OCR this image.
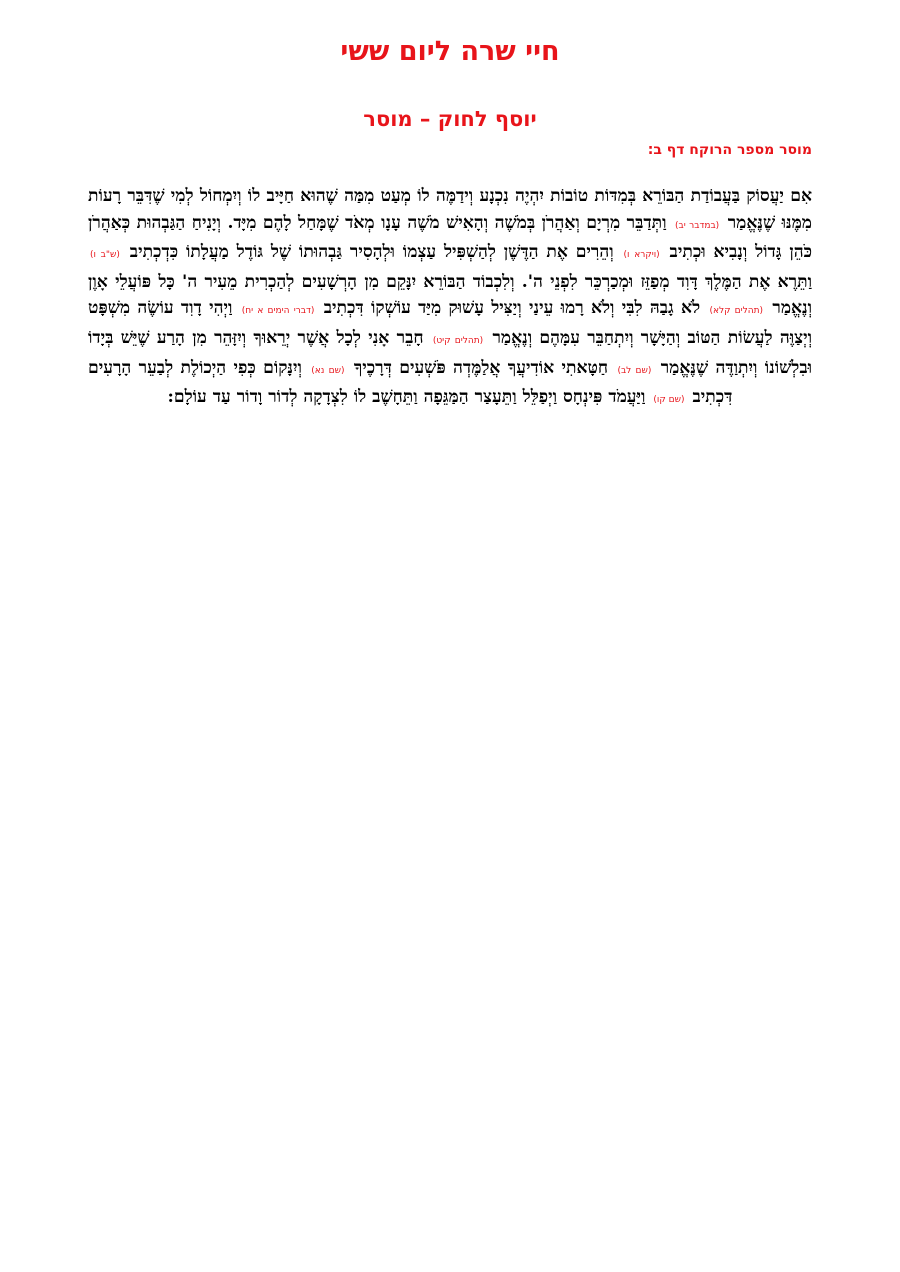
חיי שרה ליום ששי
יוסף לחוק – מוסר
מוסר מספר הרוקח דף ב:

אִם יַעֲסוֹק בַּעֲבוֹדַת הַבּוֹרֵא בְּמִדּוֹת טוֹבוֹת יִהְיֶה נִכְנָע וְידַמֶּה לוֹ מְעַט מִמַּה שֶׁהוּא חַיָּיב לוֹ וְיִמְחוֹל לְמִי שֶׁדִּבֵּר רָעוֹת מִמֶּנּוּ שֶׁנֶּאֱמַר (במדבר יב) וַתְּדַבֵּר מִרְיָם וְאַהֲרֹן בְּמֹשֶׁה וְהָאִישׁ מֹשֶׁה עָנָו מְאֹד שֶׁמָּחַל לָהֶם מִיָּד. וְיָנִיחַ הַגַּבְהוּת כְּאַהֲרֹן כֹּהֵן גָּדוֹל וְנָבִיא וּכְתִיב (ויקרא ו) וְהֵרִים אֶת הַדֶּשֶׁן לְהַשְׁפִּיל עַצְמוֹ וּלְהָסִיר גַּבְהוּתוֹ שֶׁל גּוֹדֶל מַעֲלָתוֹ כִּדְכְתִיב (ש"ב ו) וַתֵּרֶא אֶת הַמֶּלֶךְ דָּוִד מְפַזֵּז וּמְכַרְכֵּר לִפְנֵי ה'. וְלִכְבוֹד הַבּוֹרֵא יִנָּקֵם מִן הָרְשָׁעִים לְהַכְרִית מֵעִיר ה' כָּל פּוֹעֲלֵי אָוֶן וְנֶאֱמַר (תהלים קלא) לֹא גָבַהּ לִבִּי וְלֹא רָמוּ עֵינַי וְיַצִּיל עָשׁוּק מִיַּד עוֹשְׁקוֹ דִּכְתִיב (דברי הימים א יח) וַיְהִי דָוִד עוֹשֶׂה מִשְׁפָּט וְיְצַוֶּה לַעֲשׂוֹת הַטּוֹב וְהַיָּשָׁר וְיִתְחַבֵּר עִמָּהֶם וְנֶאֱמַר (תהלים קיט) חָבֵר אָנִי לְכָל אֲשֶׁר יְרֵאוּךָ וְיִזָּהֵר מִן הָרַע שֶׁיֵּשׁ בְּיָדוֹ וּבִלְשׁוֹנוֹ וְיִתְוַדֶּה שֶׁנֶּאֱמַר (שם לב) חַטָּאתִי אוֹדִיעֲךָ אֲלַמֶּדְה פֹּשְׁעִים דְּרָכֶיךָ (שם נא) וְיִנָּקוֹם כְּפִי הַיְכוֹלֶת לְבַעֵר הָרָעִים דִּכְתִיב (שם קו) וַיַּעֲמֹד פִּינְחָס וַיְפַלֵּל וַתֵּעָצַר הַמַּגֵּפָה וַתֵּחָשֶׁב לוֹ לִצְדָקָה לְדוֹר וָדוֹר עַד עוֹלָם:
